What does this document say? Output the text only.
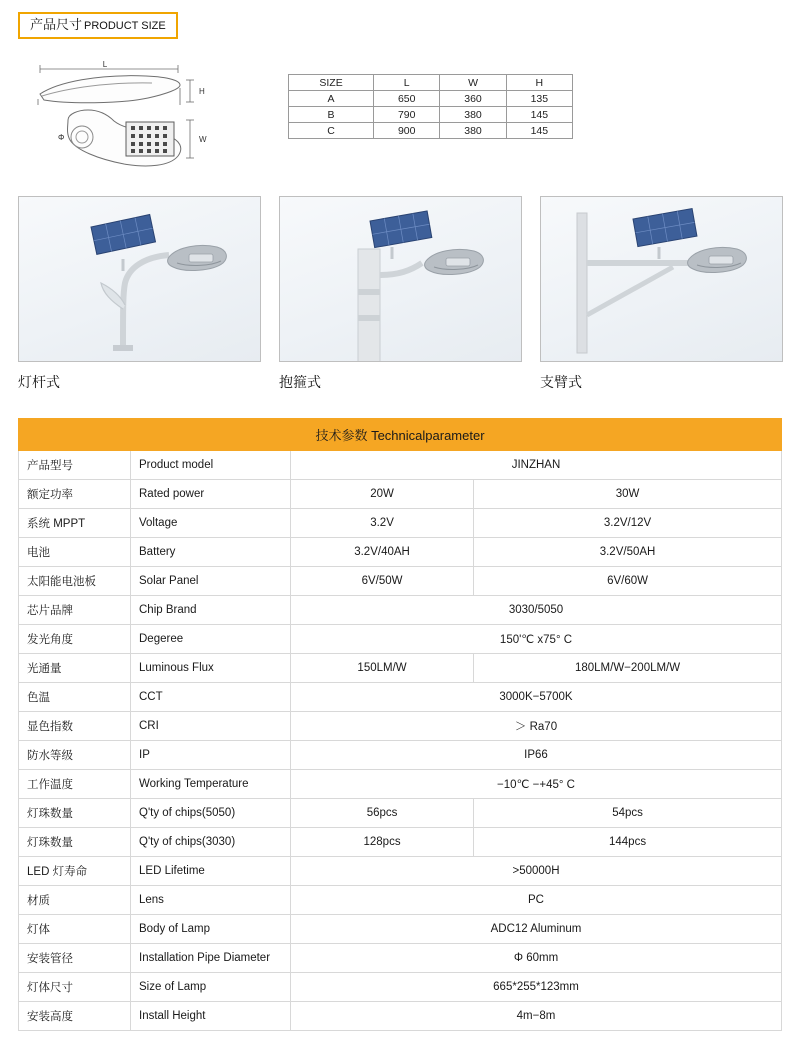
产品尺寸 PRODUCT SIZE
L
H
W
Φ
SIZE	L	W	H
A	650	360	135
B	790	380	145
C	900	380	145
灯杆式	抱箍式	支臂式
技术参数 Technicalparameter			
产品型号	Product model	JINZHAN	
额定功率	Rated power	20W	30W
系统 MPPT	Voltage	3.2V	3.2V/12V
电池	Battery	3.2V/40AH	3.2V/50AH
太阳能电池板	Solar Panel	6V/50W	6V/60W
芯片品牌	Chip Brand	3030/5050	
发光角度	Degeree	150'℃ x75° C	
光通量	Luminous Flux	150LM/W	180LM/W−200LM/W
色温	CCT	3000K−5700K	
显色指数	CRI	＞ Ra70	
防水等级	IP	IP66	
工作温度	Working Temperature	−10℃ −+45° C	
灯珠数量	Q'ty of chips(5050)	56pcs	54pcs
灯珠数量	Q'ty of chips(3030)	128pcs	144pcs
LED 灯寿命	LED Lifetime	>50000H	
材质	Lens	PC	
灯体	Body of Lamp	ADC12 Aluminum	
安装管径	Installation Pipe Diameter	Φ 60mm	
灯体尺寸	Size of Lamp	665*255*123mm	
安装高度	Install Height	4m−8m	
